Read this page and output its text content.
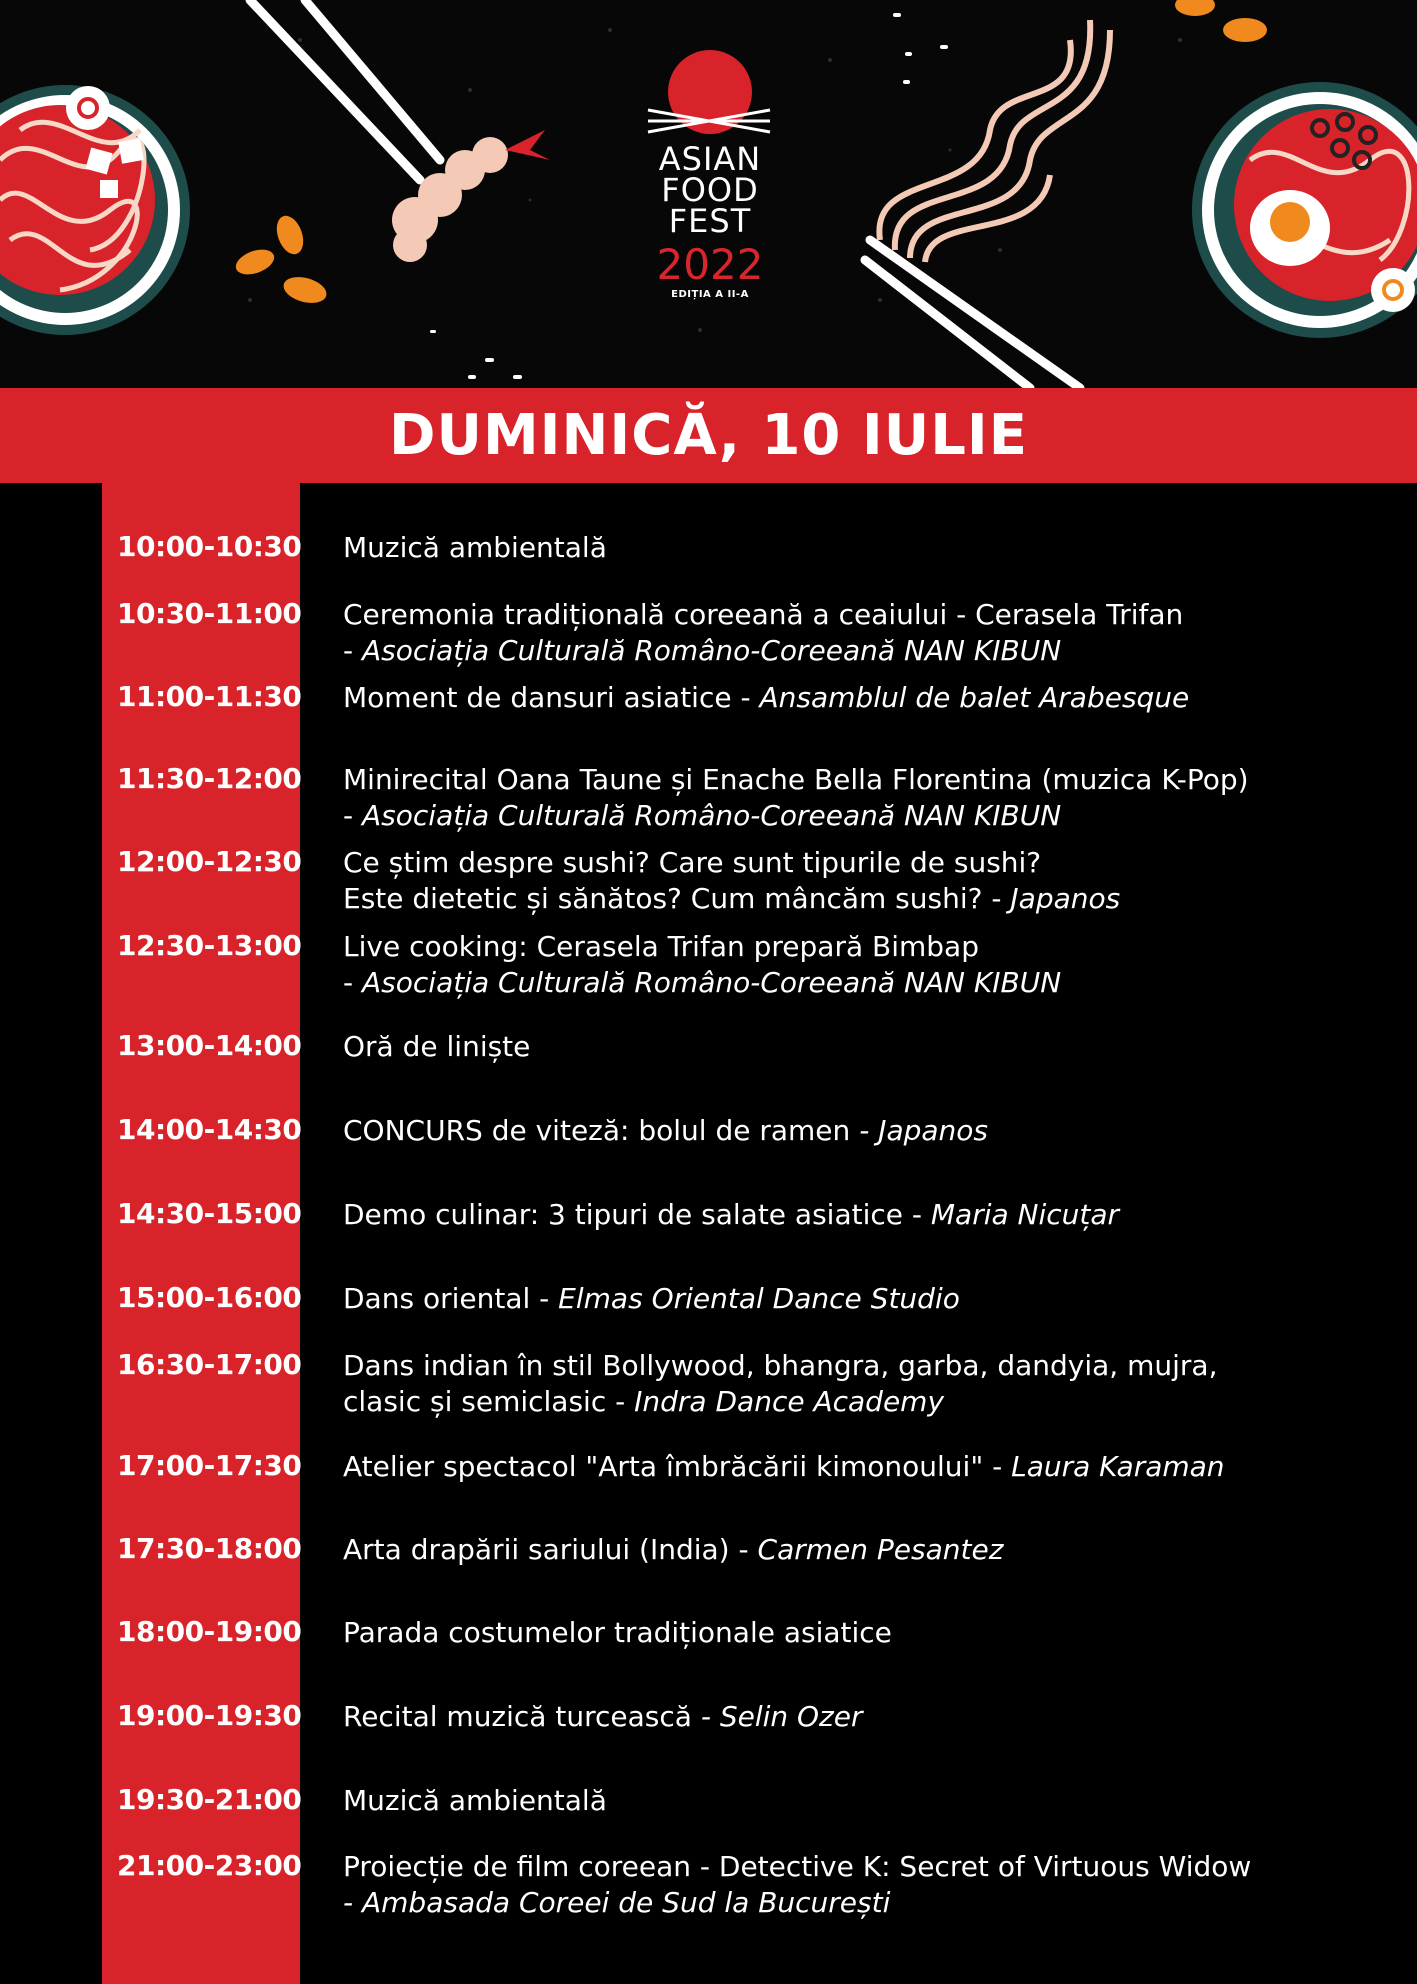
ASIAN
FOOD
FEST
2022
EDIȚIA A II-A
DUMINICĂ, 10 IULIE
10:00-10:30 Muzică ambientală
10:30-11:00 Ceremonia tradițională coreeană a ceaiului - Cerasela Trifan
- Asociația Culturală Româno-Coreeană NAN KIBUN
11:00-11:30 Moment de dansuri asiatice - Ansamblul de balet Arabesque
11:30-12:00 Minirecital Oana Taune și Enache Bella Florentina (muzica K-Pop)
- Asociația Culturală Româno-Coreeană NAN KIBUN
12:00-12:30 Ce știm despre sushi? Care sunt tipurile de sushi?
Este dietetic și sănătos? Cum mâncăm sushi? - Japanos
12:30-13:00 Live cooking: Cerasela Trifan prepară Bimbap
- Asociația Culturală Româno-Coreeană NAN KIBUN
13:00-14:00 Oră de liniște
14:00-14:30 CONCURS de viteză: bolul de ramen - Japanos
14:30-15:00 Demo culinar: 3 tipuri de salate asiatice - Maria Nicuțar
15:00-16:00 Dans oriental - Elmas Oriental Dance Studio
16:30-17:00 Dans indian în stil Bollywood, bhangra, garba, dandyia, mujra,
clasic și semiclasic - Indra Dance Academy
17:00-17:30 Atelier spectacol "Arta îmbrăcării kimonoului" - Laura Karaman
17:30-18:00 Arta drapării sariului (India) - Carmen Pesantez
18:00-19:00 Parada costumelor tradiționale asiatice
19:00-19:30 Recital muzică turcească - Selin Ozer
19:30-21:00 Muzică ambientală
21:00-23:00 Proiecție de film coreean - Detective K: Secret of Virtuous Widow
- Ambasada Coreei de Sud la București
